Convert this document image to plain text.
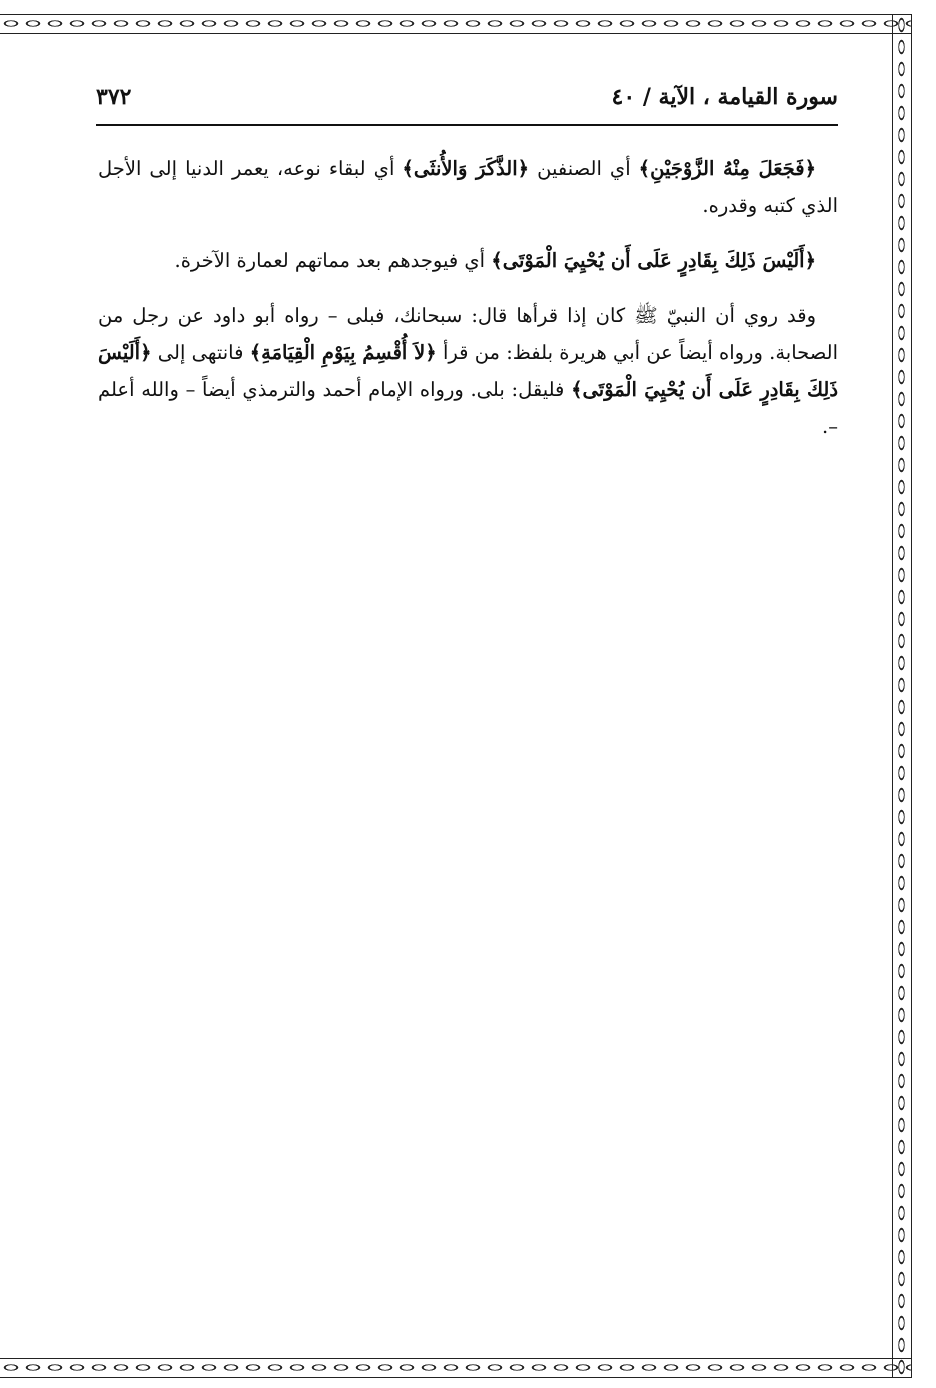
سورة القيامة ، الآية / ٤٠
٣٧٢

﴿فَجَعَلَ مِنْهُ الزَّوْجَيْنِ﴾ أي الصنفين ﴿الذَّكَرَ وَالأُنثَى﴾ أي لبقاء نوعه، يعمر الدنيا إلى الأجل الذي كتبه وقدره.

﴿أَلَيْسَ ذَلِكَ بِقَادِرٍ عَلَى أَن يُحْيِيَ الْمَوْتَى﴾ أي فيوجدهم بعد مماتهم لعمارة الآخرة.

وقد روي أن النبيّ ﷺ كان إذا قرأها قال: سبحانك، فبلى – رواه أبو داود عن رجل من الصحابة. ورواه أيضاً عن أبي هريرة بلفظ: من قرأ ﴿لاَ أُقْسِمُ بِيَوْمِ الْقِيَامَةِ﴾ فانتهى إلى ﴿أَلَيْسَ ذَلِكَ بِقَادِرٍ عَلَى أَن يُحْيِيَ الْمَوْتَى﴾ فليقل: بلى. ورواه الإمام أحمد والترمذي أيضاً – والله أعلم –.
